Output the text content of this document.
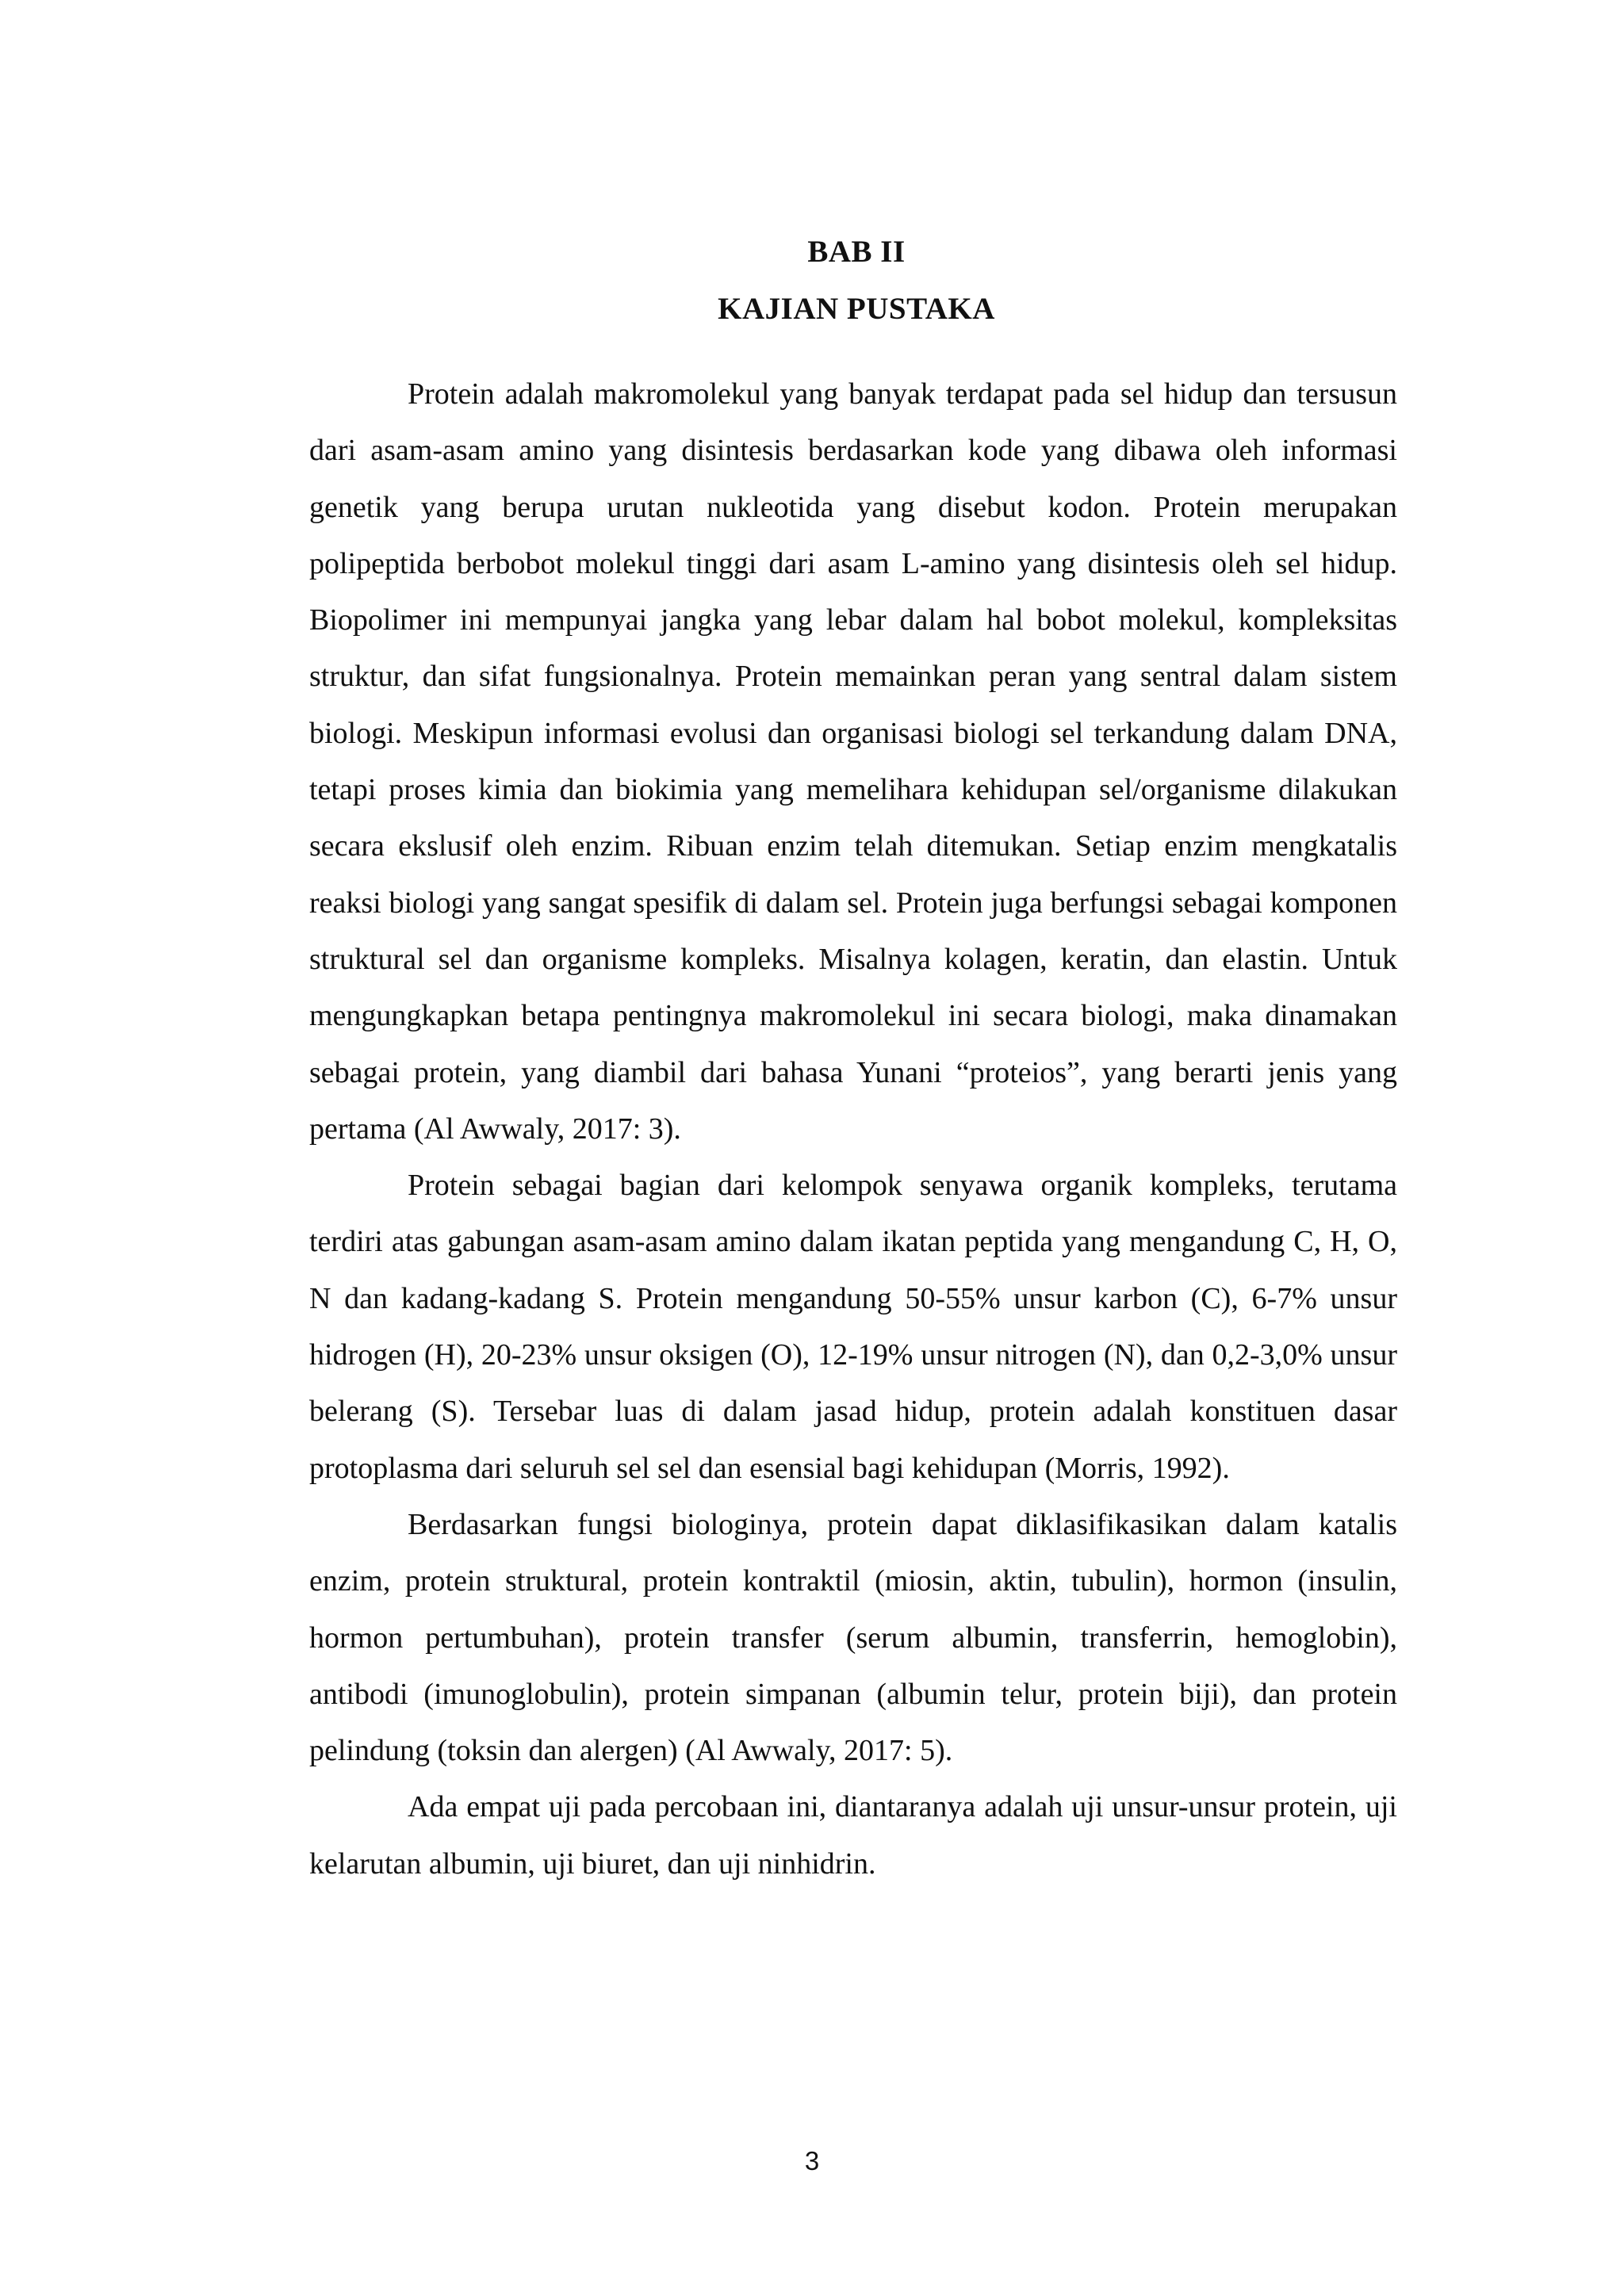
BAB II
KAJIAN PUSTAKA

Protein adalah makromolekul yang banyak terdapat pada sel hidup dan tersusun dari asam-asam amino yang disintesis berdasarkan kode yang dibawa oleh informasi genetik yang berupa urutan nukleotida yang disebut kodon. Protein merupakan polipeptida berbobot molekul tinggi dari asam L-amino yang disintesis oleh sel hidup. Biopolimer ini mempunyai jangka yang lebar dalam hal bobot molekul, kompleksitas struktur, dan sifat fungsionalnya. Protein memainkan peran yang sentral dalam sistem biologi. Meskipun informasi evolusi dan organisasi biologi sel terkandung dalam DNA, tetapi proses kimia dan biokimia yang memelihara kehidupan sel/organisme dilakukan secara ekslusif oleh enzim. Ribuan enzim telah ditemukan. Setiap enzim mengkatalis reaksi biologi yang sangat spesifik di dalam sel. Protein juga berfungsi sebagai komponen struktural sel dan organisme kompleks. Misalnya kolagen, keratin, dan elastin. Untuk mengungkapkan betapa pentingnya makromolekul ini secara biologi, maka dinamakan sebagai protein, yang diambil dari bahasa Yunani “proteios”, yang berarti jenis yang pertama (Al Awwaly, 2017: 3).

Protein sebagai bagian dari kelompok senyawa organik kompleks, terutama terdiri atas gabungan asam-asam amino dalam ikatan peptida yang mengandung C, H, O, N dan kadang-kadang S. Protein mengandung 50-55% unsur karbon (C), 6-7% unsur hidrogen (H), 20-23% unsur oksigen (O), 12-19% unsur nitrogen (N), dan 0,2-3,0% unsur belerang (S). Tersebar luas di dalam jasad hidup, protein adalah konstituen dasar protoplasma dari seluruh sel sel dan esensial bagi kehidupan (Morris, 1992).

Berdasarkan fungsi biologinya, protein dapat diklasifikasikan dalam katalis enzim, protein struktural, protein kontraktil (miosin, aktin, tubulin), hormon (insulin, hormon pertumbuhan), protein transfer (serum albumin, transferrin, hemoglobin), antibodi (imunoglobulin), protein simpanan (albumin telur, protein biji), dan protein pelindung (toksin dan alergen) (Al Awwaly, 2017: 5).

Ada empat uji pada percobaan ini, diantaranya adalah uji unsur-unsur protein, uji kelarutan albumin, uji biuret, dan uji ninhidrin.

3
